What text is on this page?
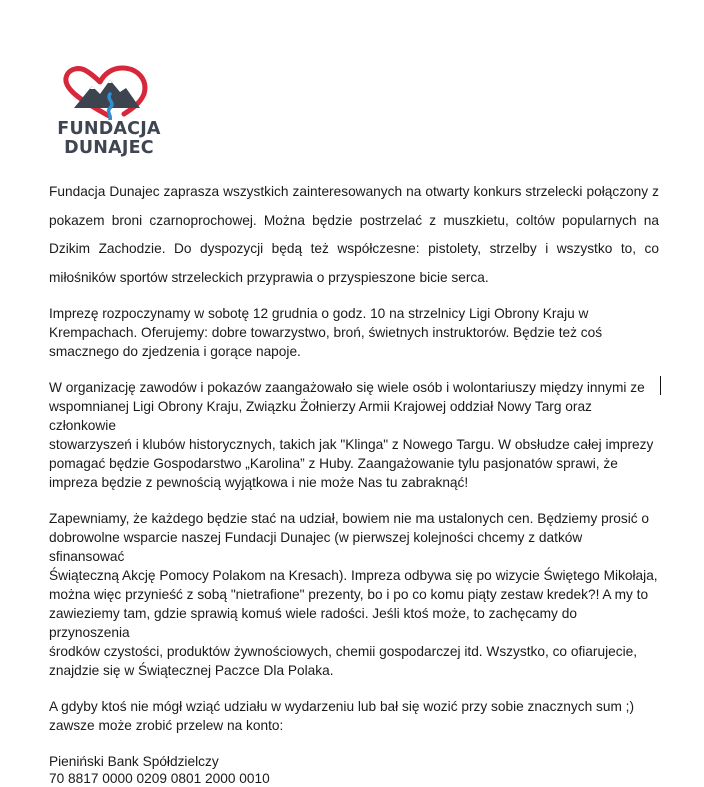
FUNDACJA
DUNAJEC

Fundacja Dunajec zaprasza wszystkich zainteresowanych na otwarty konkurs strzelecki połączony z pokazem broni czarnoprochowej. Można będzie postrzelać z muszkietu, coltów popularnych na Dzikim Zachodzie. Do dyspozycji będą też współczesne: pistolety, strzelby i wszystko to, co miłośników sportów strzeleckich przyprawia o przyspieszone bicie serca.

Imprezę rozpoczynamy w sobotę 12 grudnia o godz. 10 na strzelnicy Ligi Obrony Kraju w
Krempachach. Oferujemy: dobre towarzystwo, broń, świetnych instruktorów. Będzie też coś
smacznego do zjedzenia i gorące napoje.
W organizację zawodów i pokazów zaangażowało się wiele osób i wolontariuszy między innymi ze
wspomnianej Ligi Obrony Kraju, Związku Żołnierzy Armii Krajowej oddział Nowy Targ oraz członkowie
stowarzyszeń i klubów historycznych, takich jak "Klinga" z Nowego Targu. W obsłudze całej imprezy
pomagać będzie Gospodarstwo „Karolina” z Huby. Zaangażowanie tylu pasjonatów sprawi, że
impreza będzie z pewnością wyjątkowa i nie może Nas tu zabraknąć!
Zapewniamy, że każdego będzie stać na udział, bowiem nie ma ustalonych cen. Będziemy prosić o
dobrowolne wsparcie naszej Fundacji Dunajec (w pierwszej kolejności chcemy z datków sfinansować
Świąteczną Akcję Pomocy Polakom na Kresach). Impreza odbywa się po wizycie Świętego Mikołaja,
można więc przynieść z sobą "nietrafione" prezenty, bo i po co komu piąty zestaw kredek?! A my to
zawieziemy tam, gdzie sprawią komuś wiele radości. Jeśli ktoś może, to zachęcamy do przynoszenia
środków czystości, produktów żywnościowych, chemii gospodarczej itd. Wszystko, co ofiarujecie,
znajdzie się w Świątecznej Paczce Dla Polaka.
A gdyby ktoś nie mógł wziąć udziału w wydarzeniu lub bał się wozić przy sobie znacznych sum ;)
zawsze może zrobić przelew na konto:
Pieniński Bank Spółdzielczy
70 8817 0000 0209 0801 2000 0010
